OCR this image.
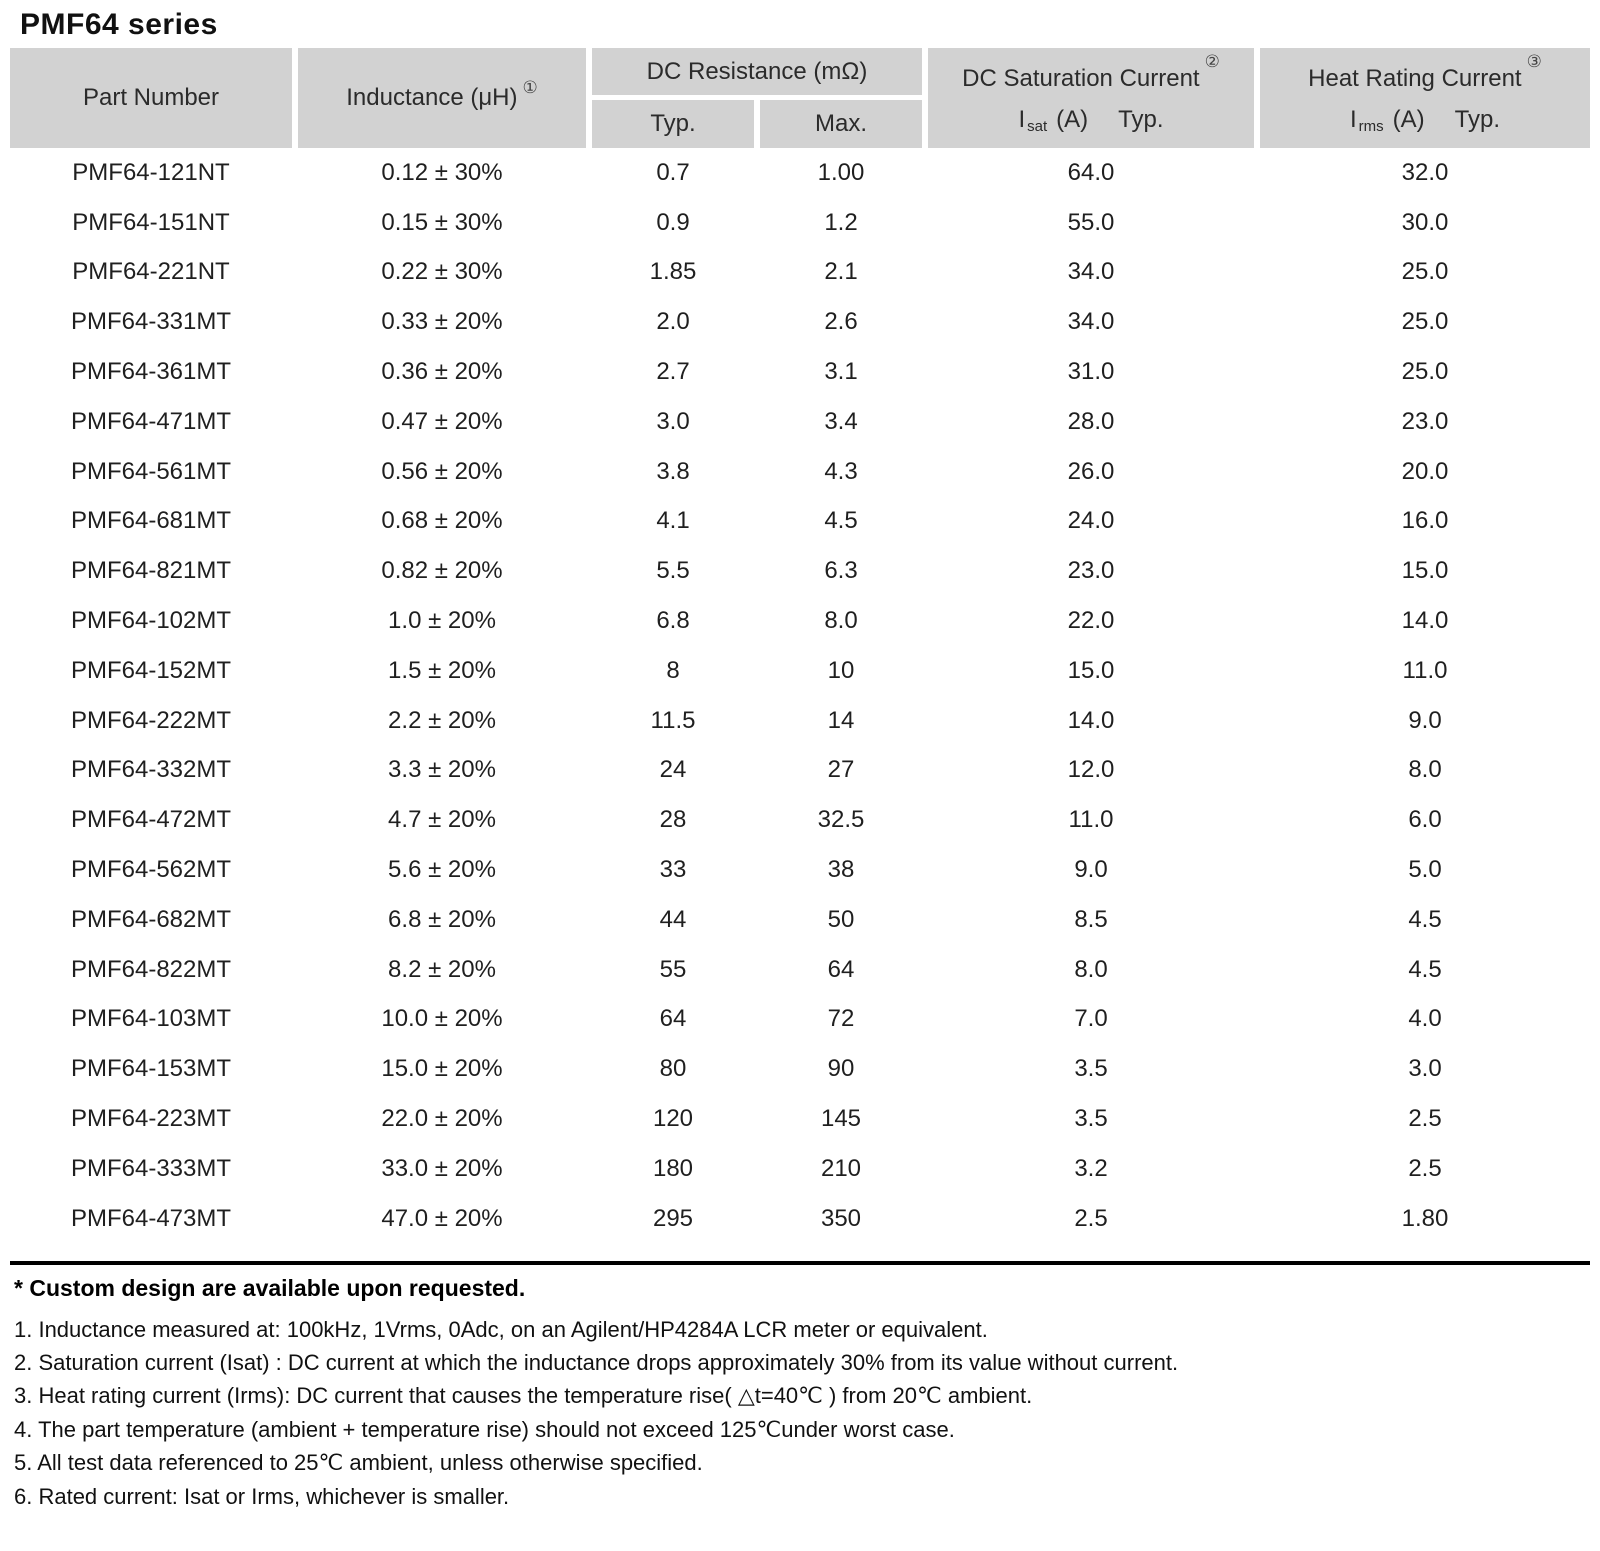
PMF64 series
Part Number	Inductance (μH) ①
DC Resistance (mΩ)
Typ.	Max.
DC Saturation Current②
$I_{sat}$ (A) Typ.
Heat Rating Current③
$I_{rms}$ (A) Typ.
PMF64-121NT	0.12 ± 30%	0.7	1.00	64.0	32.0
PMF64-151NT	0.15 ± 30%	0.9	1.2	55.0	30.0
PMF64-221NT	0.22 ± 30%	1.85	2.1	34.0	25.0
PMF64-331MT	0.33 ± 20%	2.0	2.6	34.0	25.0
PMF64-361MT	0.36 ± 20%	2.7	3.1	31.0	25.0
PMF64-471MT	0.47 ± 20%	3.0	3.4	28.0	23.0
PMF64-561MT	0.56 ± 20%	3.8	4.3	26.0	20.0
PMF64-681MT	0.68 ± 20%	4.1	4.5	24.0	16.0
PMF64-821MT	0.82 ± 20%	5.5	6.3	23.0	15.0
PMF64-102MT	1.0 ± 20%	6.8	8.0	22.0	14.0
PMF64-152MT	1.5 ± 20%	8	10	15.0	11.0
PMF64-222MT	2.2 ± 20%	11.5	14	14.0	9.0
PMF64-332MT	3.3 ± 20%	24	27	12.0	8.0
PMF64-472MT	4.7 ± 20%	28	32.5	11.0	6.0
PMF64-562MT	5.6 ± 20%	33	38	9.0	5.0
PMF64-682MT	6.8 ± 20%	44	50	8.5	4.5
PMF64-822MT	8.2 ± 20%	55	64	8.0	4.5
PMF64-103MT	10.0 ± 20%	64	72	7.0	4.0
PMF64-153MT	15.0 ± 20%	80	90	3.5	3.0
PMF64-223MT	22.0 ± 20%	120	145	3.5	2.5
PMF64-333MT	33.0 ± 20%	180	210	3.2	2.5
PMF64-473MT	47.0 ± 20%	295	350	2.5	1.80
* Custom design are available upon requested.
1. Inductance measured at: 100kHz, 1Vrms, 0Adc, on an Agilent/HP4284A LCR meter or equivalent.
2. Saturation current (Isat) : DC current at which the inductance drops approximately 30% from its value without current.
3. Heat rating current (Irms): DC current that causes the temperature rise( △t=40℃ ) from 20℃ ambient.
4. The part temperature (ambient + temperature rise) should not exceed 125℃under worst case.
5. All test data referenced to 25℃ ambient, unless otherwise specified.
6. Rated current: Isat or Irms, whichever is smaller.
